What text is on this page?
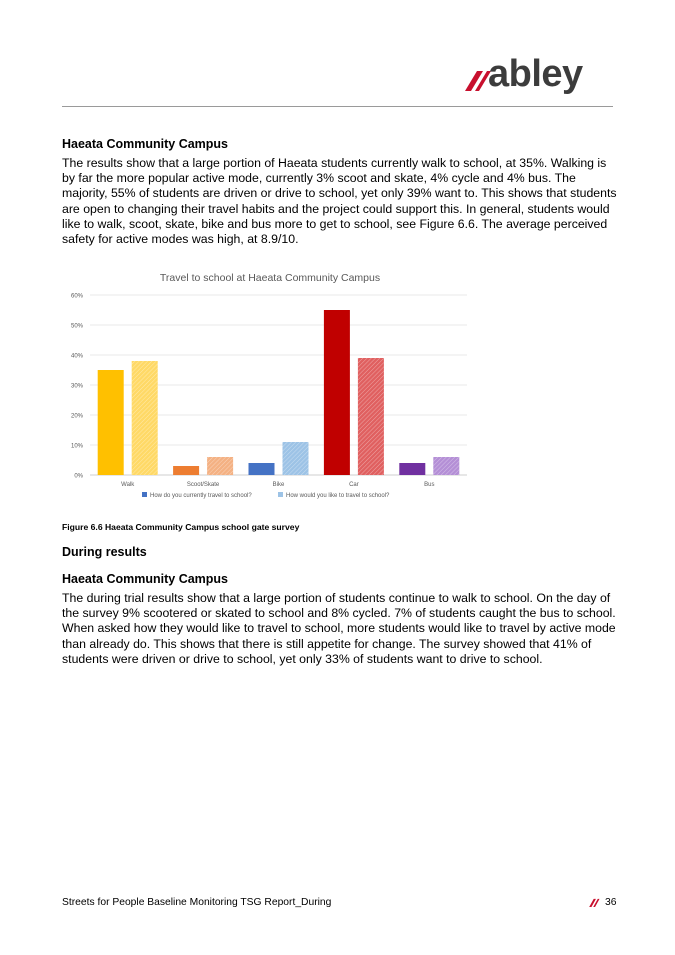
abley
Haeata Community Campus

The results show that a large portion of Haeata students currently walk to school, at 35%. Walking is by far the more popular active mode, currently 3% scoot and skate, 4% cycle and 4% bus. The majority, 55% of students are driven or drive to school, yet only 39% want to. This shows that students are open to changing their travel habits and the project could support this. In general, students would like to walk, scoot, skate, bike and bus more to get to school, see Figure 6.6. The average perceived safety for active modes was high, at 8.9/10.

Travel to school at Haeata Community Campus
0%
10%
20%
30%
40%
50%
60%
Walk	Scoot/Skate	Bike	Car	Bus
How do you currently travel to school?	How would you like to travel to school?
Figure 6.6 Haeata Community Campus school gate survey
During results
Haeata Community Campus

The during trial results show that a large portion of students continue to walk to school. On the day of the survey 9% scootered or skated to school and 8% cycled. 7% of students caught the bus to school. When asked how they would like to travel to school, more students would like to travel by active mode than already do. This shows that there is still appetite for change. The survey showed that 41% of students were driven or drive to school, yet only 33% of students want to drive to school.

Streets for People Baseline Monitoring TSG Report_During	36
